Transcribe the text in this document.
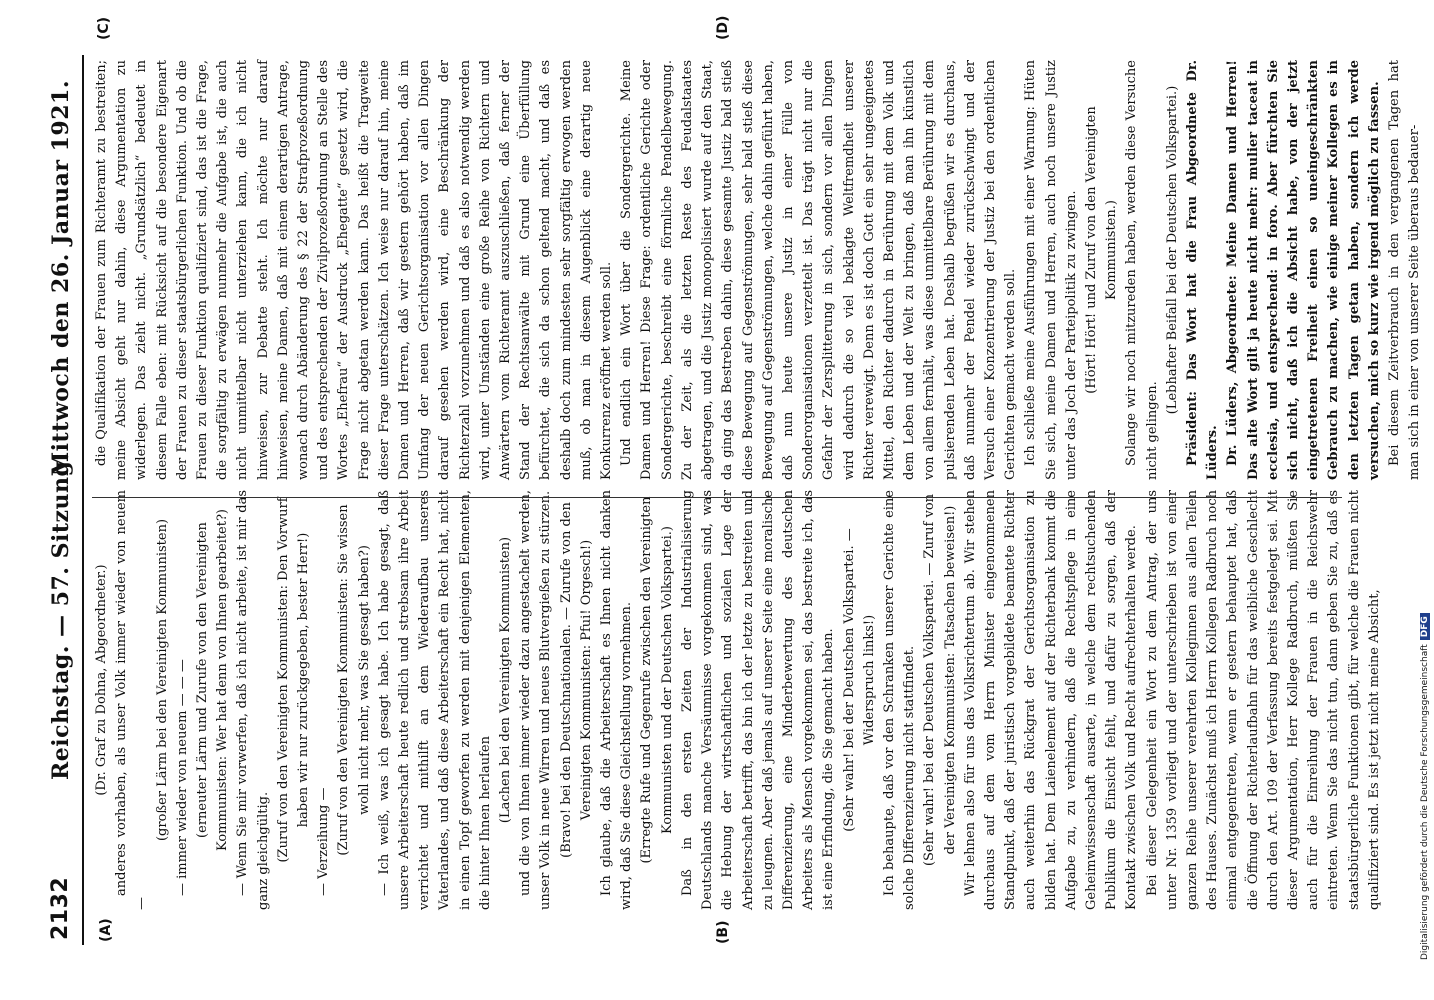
2132
Reichstag. — 57. Sitzung.
Mittwoch den 26. Januar 1921.
(A)	(B)
(C)	(D)

(Dr. Graf zu Dohna, Abgeordneter.) anderes vorhaben, als unser Volk immer wieder von neuem —

(großer Lärm bei den Vereinigten Kommunisten) — immer wieder von neuem — — — (erneuter Lärm und Zurufe von den Vereinigten Kommunisten: Wer hat denn von Ihnen gearbeitet?) — Wenn Sie mir vorwerfen, daß ich nicht arbeite, ist mir das ganz gleichgültig. (Zuruf von den Vereinigten Kommunisten: Den Vorwurf haben wir nur zurückgegeben, bester Herr!)

— Verzeihung — (Zuruf von den Vereinigten Kommunisten: Sie wissen wohl nicht mehr, was Sie gesagt haben?) — Ich weiß, was ich gesagt habe. Ich habe gesagt, daß unsere Arbeiterschaft heute redlich und strebsam ihre Arbeit verrichtet und mithilft an dem Wiederaufbau unseres Vaterlandes, und daß diese Arbeiterschaft ein Recht hat, nicht in einen Topf geworfen zu werden mit denjenigen Elementen, die hinter Ihnen herlaufen (Lachen bei den Vereinigten Kommunisten) und die von Ihnen immer wieder dazu angestachelt werden, unser Volk in neue Wirren und neues Blutvergießen zu stürzen. (Bravo! bei den Deutschnationalen. — Zurufe von den Vereinigten Kommunisten: Pfui! Orgesch!) Ich glaube, daß die Arbeiterschaft es Ihnen nicht danken wird, daß Sie diese Gleichstellung vornehmen. (Erregte Rufe und Gegenrufe zwischen den Vereinigten Kommunisten und der Deutschen Volkspartei.) Daß in den ersten Zeiten der Industrialisierung Deutschlands manche Versäumnisse vorgekommen sind, was die Hebung der wirtschaftlichen und sozialen Lage der Arbeiterschaft betrifft, das bin ich der letzte zu bestreiten und zu leugnen. Aber daß jemals auf unserer Seite eine moralische Differenzierung, eine Minderbewertung des deutschen Arbeiters als Mensch vorgekommen sei, das bestreite ich, das ist eine Erfindung, die Sie gemacht haben. (Sehr wahr! bei der Deutschen Volkspartei. — Widerspruch links!) Ich behaupte, daß vor den Schranken unserer Gerichte eine solche Differenzierung nicht stattfindet. (Sehr wahr! bei der Deutschen Volkspartei. — Zuruf von der Vereinigten Kommunisten: Tatsachen beweisen!) Wir lehnen also für uns das Volksrichtertum ab. Wir stehen durchaus auf dem vom Herrn Minister eingenommenen Standpunkt, daß der juristisch vorgebildete beamtete Richter auch weiterhin das Rückgrat der Gerichtsorganisation zu bilden hat. Dem Laienelement auf der Richterbank kommt die Aufgabe zu, zu verhindern, daß die Rechtspflege in eine Geheimwissenschaft ausarte, in welche dem rechtsuchenden Publikum die Einsicht fehlt, und dafür zu sorgen, daß der Kontakt zwischen Volk und Recht aufrechterhalten werde. Bei dieser Gelegenheit ein Wort zu dem Antrag, der uns unter Nr. 1359 vorliegt und der unterschrieben ist von einer ganzen Reihe unserer verehrten Kolleginnen aus allen Teilen des Hauses. Zunächst muß ich Herrn Kollegen Radbruch noch einmal entgegentreten, wenn er gestern behauptet hat, daß die Öffnung der Richterlaufbahn für das weibliche Geschlecht durch den Art. 109 der Verfassung bereits festgelegt sei. Mit dieser Argumentation, Herr Kollege Radbruch, müßten Sie auch für die Einreihung der Frauen in die Reichswehr eintreten. Wenn Sie das nicht tun, dann geben Sie zu, daß es staatsbürgerliche Funktionen gibt, für welche die Frauen nicht qualifiziert sind. Es ist jetzt nicht meine Absicht,

die Qualifikation der Frauen zum Richteramt zu bestreiten; meine Absicht geht nur dahin, diese Argumentation zu widerlegen. Das zieht nicht. „Grundsätzlich“ bedeutet in diesem Falle eben: mit Rücksicht auf die besondere Eigenart der Frauen zu dieser staatsbürgerlichen Funktion. Und ob die Frauen zu dieser Funktion qualifiziert sind, das ist die Frage, die sorgfältig zu erwägen nunmehr die Aufgabe ist, die auch nicht unmittelbar nicht unterziehen kann, die ich nicht hinweisen, zur Debatte steht. Ich möchte nur darauf hinweisen, meine Damen, daß mit einem derartigen Antrage, wonach durch Abänderung des § 22 der Strafprozeßordnung und des entsprechenden der Zivilprozeßordnung an Stelle des Wortes „Ehefrau“ der Ausdruck „Ehegatte“ gesetzt wird, die Frage nicht abgetan werden kann. Das heißt die Tragweite dieser Frage unterschätzen. Ich weise nur darauf hin, meine Damen und Herren, daß wir gestern gehört haben, daß im Umfang der neuen Gerichtsorganisation vor allen Dingen darauf gesehen werden wird, eine Beschränkung der Richterzahl vorzunehmen und daß es also notwendig werden wird, unter Umständen eine große Reihe von Richtern und Anwärtern vom Richteramt auszuschließen, daß ferner der Stand der Rechtsanwälte mit Grund eine Überfüllung befürchtet, die sich da schon geltend macht, und daß es deshalb doch zum mindesten sehr sorgfältig erwogen werden muß, ob man in diesem Augenblick eine derartig neue Konkurrenz eröffnet werden soll. Und endlich ein Wort über die Sondergerichte. Meine Damen und Herren! Diese Frage: ordentliche Gerichte oder Sondergerichte, beschreibt eine förmliche Pendelbewegung. Zu der Zeit, als die letzten Reste des Feudalstaates abgetragen, und die Justiz monopolisiert wurde auf den Staat, da ging das Bestreben dahin, diese gesamte Justiz bald stieß diese Bewegung auf Gegenströmungen, sehr bald stieß diese Bewegung auf Gegenströmungen, welche dahin geführt haben, daß nun heute unsere Justiz in einer Fülle von Sonderorganisationen verzettelt ist. Das trägt nicht nur die Gefahr der Zersplitterung in sich, sondern vor allen Dingen wird dadurch die so viel beklagte Weltfremdheit unserer Richter verewigt. Denn es ist doch Gott ein sehr ungeeignetes Mittel, den Richter dadurch in Berührung mit dem Volk und dem Leben und der Welt zu bringen, daß man ihn künstlich von allem fernhält, was diese unmittelbare Berührung mit dem pulsierenden Leben hat. Deshalb begrüßen wir es durchaus, daß nunmehr der Pendel wieder zurückschwingt und der Versuch einer Konzentrierung der Justiz bei den ordentlichen Gerichten gemacht werden soll. Ich schließe meine Ausführungen mit einer Warnung: Hüten Sie sich, meine Damen und Herren, auch noch unsere Justiz unter das Joch der Parteipolitik zu zwingen. (Hört! Hört! und Zuruf von den Vereinigten Kommunisten.) Solange wir noch mitzureden haben, werden diese Versuche nicht gelingen.

(Lebhafter Beifall bei der Deutschen Volkspartei.) Präsident: Das Wort hat die Frau Abgeordnete Dr. Lüders. Dr. Lüders, Abgeordnete: Meine Damen und Herren! Das alte Wort gilt ja heute nicht mehr: mulier taceat in ecclesia, und entsprechend: in foro. Aber fürchten Sie sich nicht, daß ich die Absicht habe, von der jetzt eingetretenen Freiheit einen so uneingeschränkten Gebrauch zu machen, wie einige meiner Kollegen es in den letzten Tagen getan haben, sondern ich werde versuchen, mich so kurz wie irgend möglich zu fassen. Bei diesem Zeitverbrauch in den vergangenen Tagen hat man sich in einer von unserer Seite überaus bedauer-

Digitalisierung gefördert durch die Deutsche ForschungsgemeinschaftDFG
